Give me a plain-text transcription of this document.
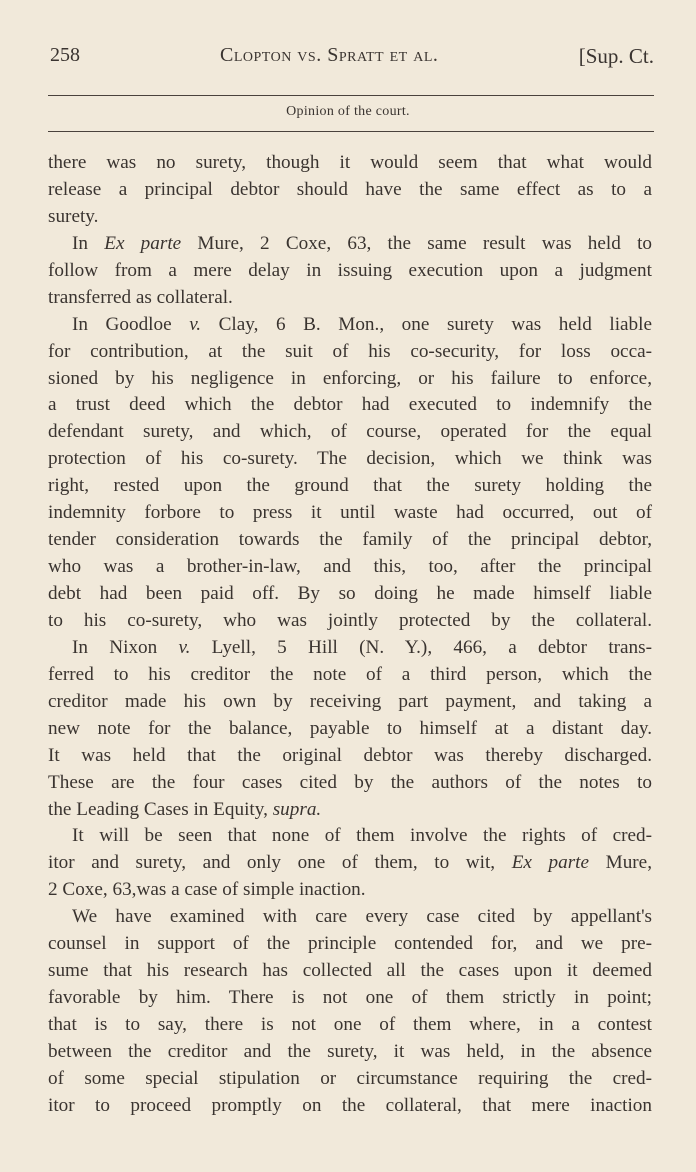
258	Clopton vs. Spratt et al.	[Sup. Ct.
Opinion of the court.
there was no surety, though it would seem that what would
release a principal debtor should have the same effect as to a
surety.
In Ex parte Mure, 2 Coxe, 63, the same result was held to
follow from a mere delay in issuing execution upon a judgment
transferred as collateral.
In Goodloe v. Clay, 6 B. Mon., one surety was held liable
for contribution, at the suit of his co-security, for loss occa-
sioned by his negligence in enforcing, or his failure to enforce,
a trust deed which the debtor had executed to indemnify the
defendant surety, and which, of course, operated for the equal
protection of his co-surety. The decision, which we think was
right, rested upon the ground that the surety holding the
indemnity forbore to press it until waste had occurred, out of
tender consideration towards the family of the principal debtor,
who was a brother-in-law, and this, too, after the principal
debt had been paid off. By so doing he made himself liable
to his co-surety, who was jointly protected by the collateral.
In Nixon v. Lyell, 5 Hill (N. Y.), 466, a debtor trans-
ferred to his creditor the note of a third person, which the
creditor made his own by receiving part payment, and taking a
new note for the balance, payable to himself at a distant day.
It was held that the original debtor was thereby discharged.
These are the four cases cited by the authors of the notes to
the Leading Cases in Equity, supra.
It will be seen that none of them involve the rights of cred-
itor and surety, and only one of them, to wit, Ex parte Mure,
2 Coxe, 63,was a case of simple inaction.
We have examined with care every case cited by appellant's
counsel in support of the principle contended for, and we pre-
sume that his research has collected all the cases upon it deemed
favorable by him. There is not one of them strictly in point;
that is to say, there is not one of them where, in a contest
between the creditor and the surety, it was held, in the absence
of some special stipulation or circumstance requiring the cred-
itor to proceed promptly on the collateral, that mere inaction
